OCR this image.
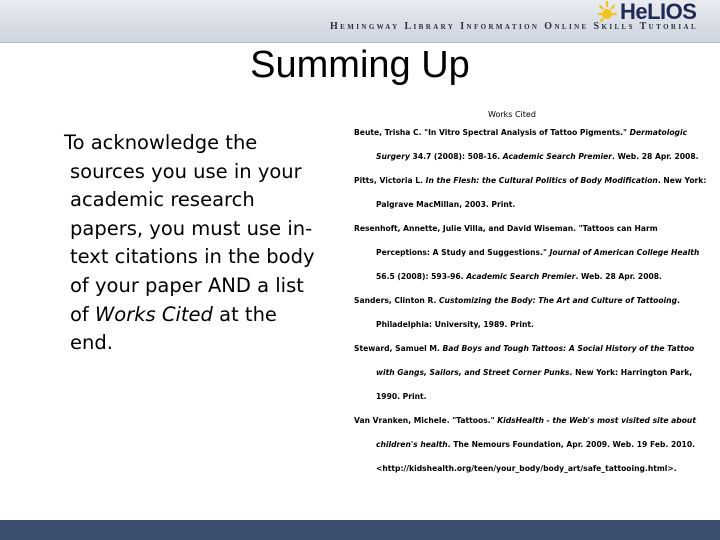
Hemingway Library Information Online Skills Tutorial
HeLIOS
Summing Up
To acknowledge the sources you use in your academic research papers, you must use in-text citations in the body of your paper AND a list of Works Cited at the end.
Works Cited
Beute, Trisha C. "In Vitro Spectral Analysis of Tattoo Pigments." Dermatologic
Surgery 34.7 (2008): 508-16. Academic Search Premier. Web. 28 Apr. 2008.
Pitts, Victoria L. In the Flesh: the Cultural Politics of Body Modification. New York:
Palgrave MacMillan, 2003. Print.
Resenhoft, Annette, Julie Villa, and David Wiseman. "Tattoos can Harm
Perceptions: A Study and Suggestions." Journal of American College Health
56.5 (2008): 593-96. Academic Search Premier. Web. 28 Apr. 2008.
Sanders, Clinton R. Customizing the Body: The Art and Culture of Tattooing.
Philadelphia: University, 1989. Print.
Steward, Samuel M. Bad Boys and Tough Tattoos: A Social History of the Tattoo
with Gangs, Sailors, and Street Corner Punks. New York: Harrington Park,
1990. Print.
Van Vranken, Michele. "Tattoos." KidsHealth - the Web's most visited site about
children's health. The Nemours Foundation, Apr. 2009. Web. 19 Feb. 2010.
<http://kidshealth.org/teen/your_body/body_art/safe_tattooing.html>.
